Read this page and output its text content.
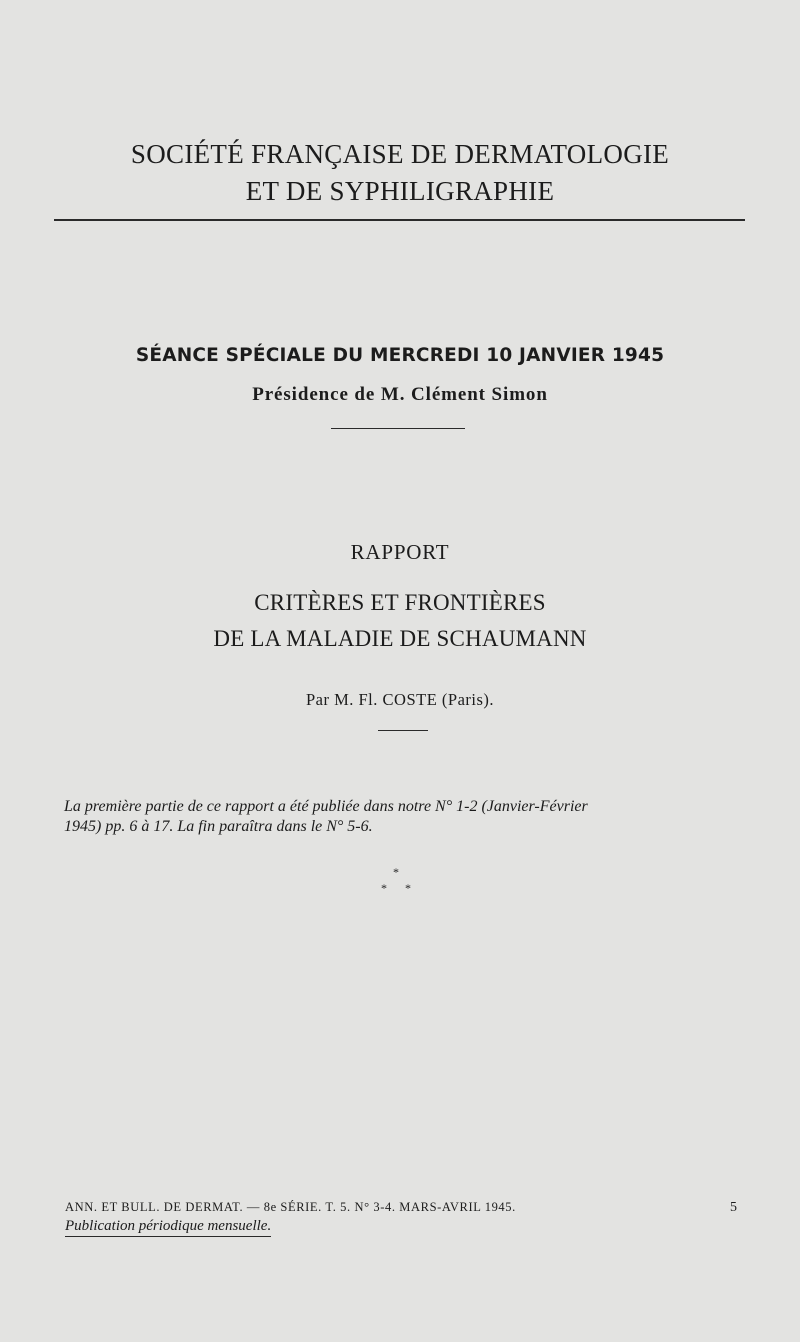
SOCIÉTÉ FRANÇAISE DE DERMATOLOGIE
ET DE SYPHILIGRAPHIE
SÉANCE SPÉCIALE DU MERCREDI 10 JANVIER 1945
Présidence de M. Clément Simon
RAPPORT
CRITÈRES ET FRONTIÈRES
DE LA MALADIE DE SCHAUMANN
Par M. Fl. COSTE (Paris).
La première partie de ce rapport a été publiée dans notre N° 1-2 (Janvier-Février
1945) pp. 6 à 17. La fin paraîtra dans le N° 5-6.
*
* *
ANN. ET BULL. DE DERMAT. — 8e SÉRIE. T. 5. N° 3-4. MARS-AVRIL 1945.	5
Publication périodique mensuelle.
